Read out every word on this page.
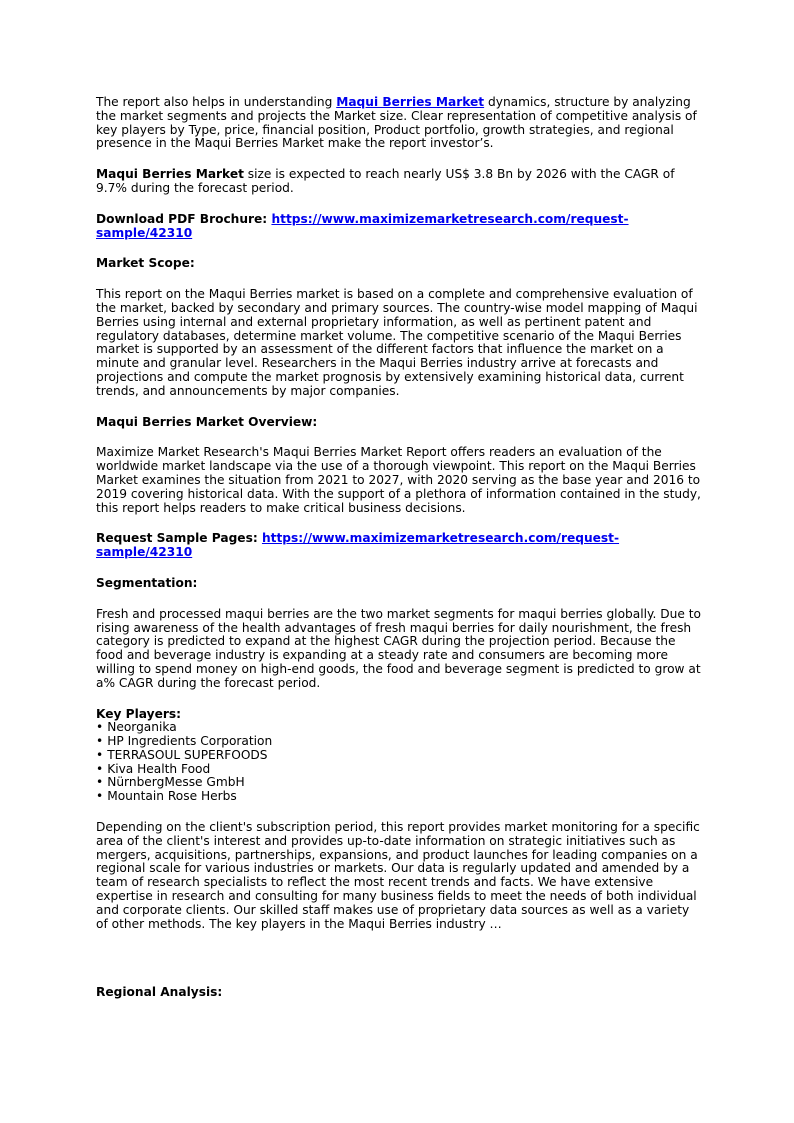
The report also helps in understanding Maqui Berries Market dynamics, structure by analyzing the market segments and projects the Market size. Clear representation of competitive analysis of key players by Type, price, financial position, Product portfolio, growth strategies, and regional presence in the Maqui Berries Market make the report investor’s.

Maqui Berries Market size is expected to reach nearly US$ 3.8 Bn by 2026 with the CAGR of 9.7% during the forecast period.

Download PDF Brochure: https://www.maximizemarketresearch.com/request-sample/42310

Market Scope:

This report on the Maqui Berries market is based on a complete and comprehensive evaluation of the market, backed by secondary and primary sources. The country-wise model mapping of Maqui Berries using internal and external proprietary information, as well as pertinent patent and regulatory databases, determine market volume. The competitive scenario of the Maqui Berries market is supported by an assessment of the different factors that influence the market on a minute and granular level. Researchers in the Maqui Berries industry arrive at forecasts and projections and compute the market prognosis by extensively examining historical data, current trends, and announcements by major companies.

Maqui Berries Market Overview:

Maximize Market Research's Maqui Berries Market Report offers readers an evaluation of the worldwide market landscape via the use of a thorough viewpoint. This report on the Maqui Berries Market examines the situation from 2021 to 2027, with 2020 serving as the base year and 2016 to 2019 covering historical data. With the support of a plethora of information contained in the study, this report helps readers to make critical business decisions.

Request Sample Pages: https://www.maximizemarketresearch.com/request-sample/42310

Segmentation:

Fresh and processed maqui berries are the two market segments for maqui berries globally. Due to rising awareness of the health advantages of fresh maqui berries for daily nourishment, the fresh category is predicted to expand at the highest CAGR during the projection period. Because the food and beverage industry is expanding at a steady rate and consumers are becoming more willing to spend money on high-end goods, the food and beverage segment is predicted to grow at a% CAGR during the forecast period.

Key Players:

• Neorganika
• HP Ingredients Corporation
• TERRASOUL SUPERFOODS
• Kiva Health Food
• NürnbergMesse GmbH
• Mountain Rose Herbs

Depending on the client's subscription period, this report provides market monitoring for a specific area of the client's interest and provides up-to-date information on strategic initiatives such as mergers, acquisitions, partnerships, expansions, and product launches for leading companies on a regional scale for various industries or markets. Our data is regularly updated and amended by a team of research specialists to reflect the most recent trends and facts. We have extensive expertise in research and consulting for many business fields to meet the needs of both individual and corporate clients. Our skilled staff makes use of proprietary data sources as well as a variety of other methods. The key players in the Maqui Berries industry …

Regional Analysis:
